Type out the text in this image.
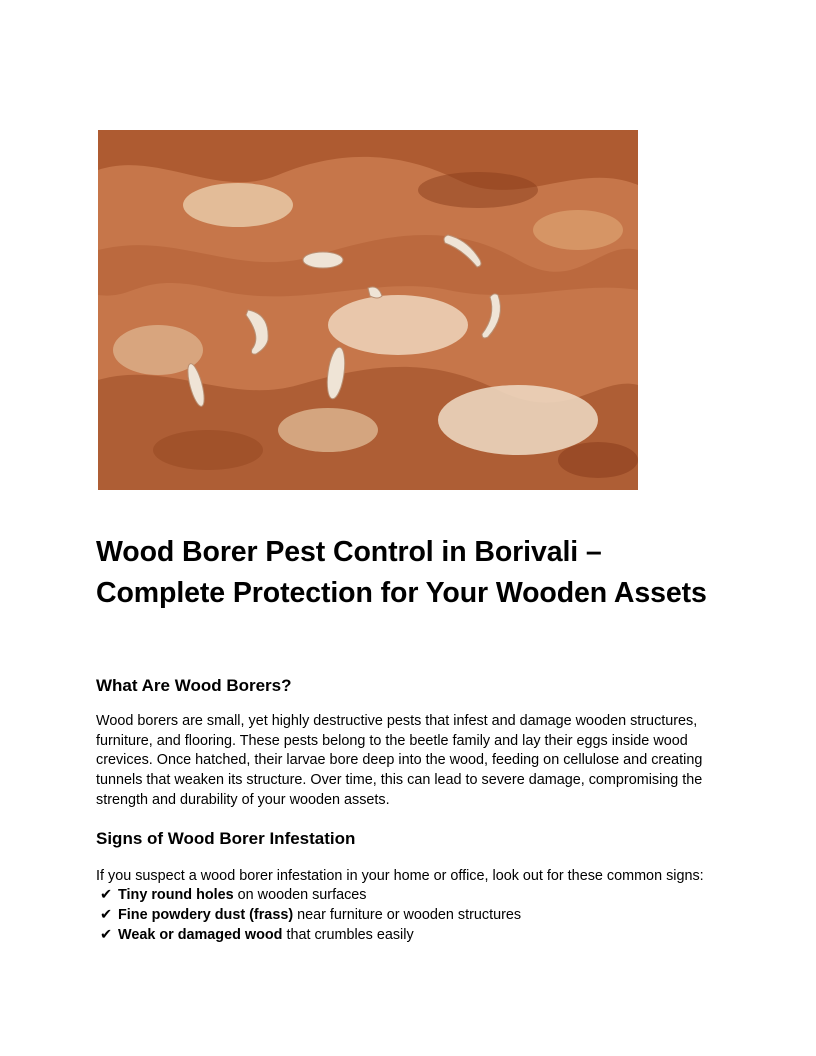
Wood Borer Pest Control in Borivali – Complete Protection for Your Wooden Assets
What Are Wood Borers?

Wood borers are small, yet highly destructive pests that infest and damage wooden structures, furniture, and flooring. These pests belong to the beetle family and lay their eggs inside wood crevices. Once hatched, their larvae bore deep into the wood, feeding on cellulose and creating tunnels that weaken its structure. Over time, this can lead to severe damage, compromising the strength and durability of your wooden assets.

Signs of Wood Borer Infestation

If you suspect a wood borer infestation in your home or office, look out for these common signs:

✔ Tiny round holes on wooden surfaces
✔ Fine powdery dust (frass) near furniture or wooden structures
✔ Weak or damaged wood that crumbles easily
